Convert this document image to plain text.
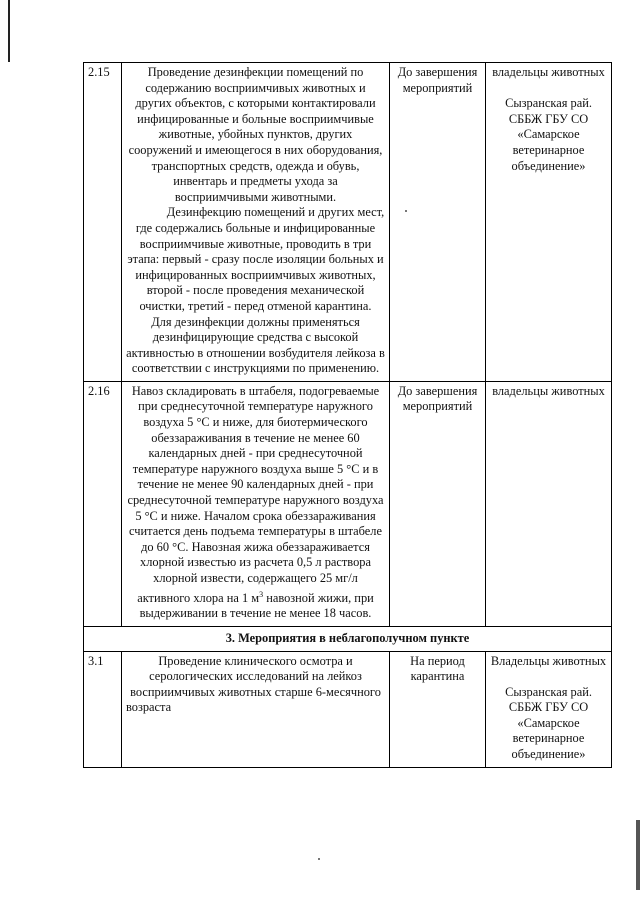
2.15	Проведение дезинфекции помещений по содержанию восприимчивых животных и других объектов, с которыми контактировали инфицированные и больные восприимчивые животные, убойных пунктов, других сооружений и имеющегося в них оборудования, транспортных средств, одежда и обувь, инвентарь и предметы ухода за восприимчивыми животными.
Дезинфекцию помещений и других мест, где содержались больные и инфицированные восприимчивые животные, проводить в три этапа: первый - сразу после изоляции больных и инфицированных восприимчивых животных, второй - после проведения механической очистки, третий - перед отменой карантина.
Для дезинфекции должны применяться дезинфицирующие средства с высокой активностью в отношении возбудителя лейкоза в соответствии с инструкциями по применению.	До завершения мероприятий	владельцы животных
Сызранская рай. СББЖ ГБУ СО «Самарское ветеринарное объединение»

2.16	Навоз складировать в штабеля, подогреваемые при среднесуточной температуре наружного воздуха 5 °C и ниже, для биотермического обеззараживания в течение не менее 60 календарных дней - при среднесуточной температуре наружного воздуха выше 5 °C и в течение не менее 90 календарных дней - при среднесуточной температуре наружного воздуха 5 °C и ниже. Началом срока обеззараживания считается день подъема температуры в штабеле до 60 °C. Навозная жижа обеззараживается хлорной известью из расчета 0,5 л раствора хлорной извести, содержащего 25 мг/л активного хлора на 1 $м^3$ навозной жижи, при выдерживании в течение не менее 18 часов.	До завершения мероприятий	владельцы животных

3. Мероприятия в неблагополучном пункте			
3.1	Проведение клинического осмотра и серологических исследований на лейкоз восприимчивых животных старше 6-месячного возраста	На период карантина	Владельцы животных
Сызранская рай. СББЖ ГБУ СО «Самарское ветеринарное объединение»
